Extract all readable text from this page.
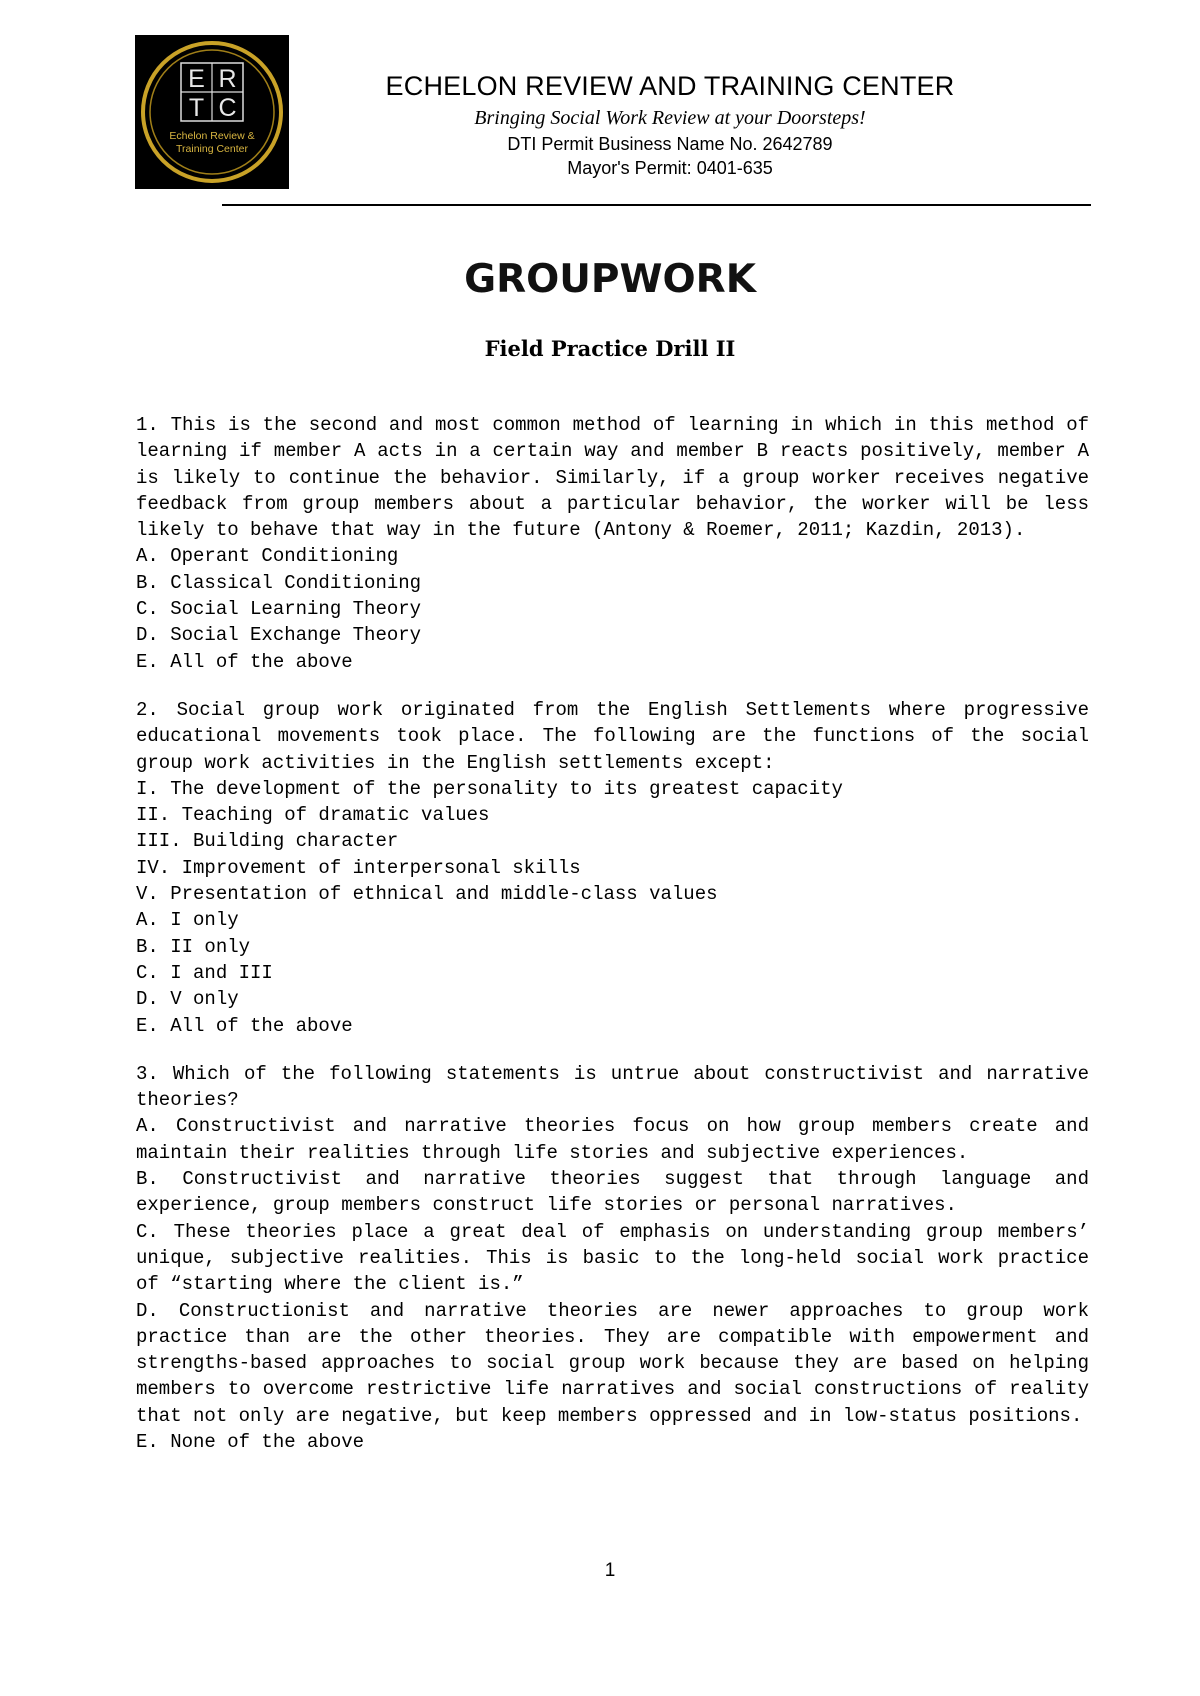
E R
T C
Echelon Review &
Training Center
ECHELON REVIEW AND TRAINING CENTER
Bringing Social Work Review at your Doorsteps!
DTI Permit Business Name No. 2642789
Mayor's Permit: 0401-635
GROUPWORK
Field Practice Drill II
1. This is the second and most common method of learning in which in this method of learning if member A acts in a certain way and member B reacts positively, member A is likely to continue the behavior. Similarly, if a group worker receives negative feedback from group members about a particular behavior, the worker will be less likely to behave that way in the future (Antony & Roemer, 2011; Kazdin, 2013).
A. Operant Conditioning
B. Classical Conditioning
C. Social Learning Theory
D. Social Exchange Theory
E. All of the above
2. Social group work originated from the English Settlements where progressive educational movements took place. The following are the functions of the social group work activities in the English settlements except:
I. The development of the personality to its greatest capacity
II. Teaching of dramatic values
III. Building character
IV. Improvement of interpersonal skills
V. Presentation of ethnical and middle-class values
A. I only
B. II only
C. I and III
D. V only
E. All of the above
3. Which of the following statements is untrue about constructivist and narrative theories?
A. Constructivist and narrative theories focus on how group members create and maintain their realities through life stories and subjective experiences.
B. Constructivist and narrative theories suggest that through language and experience, group members construct life stories or personal narratives.
C. These theories place a great deal of emphasis on understanding group members’ unique, subjective realities. This is basic to the long-held social work practice of “starting where the client is.”
D. Constructionist and narrative theories are newer approaches to group work practice than are the other theories. They are compatible with empowerment and strengths-based approaches to social group work because they are based on helping members to overcome restrictive life narratives and social constructions of reality that not only are negative, but keep members oppressed and in low-status positions.
E. None of the above
1
